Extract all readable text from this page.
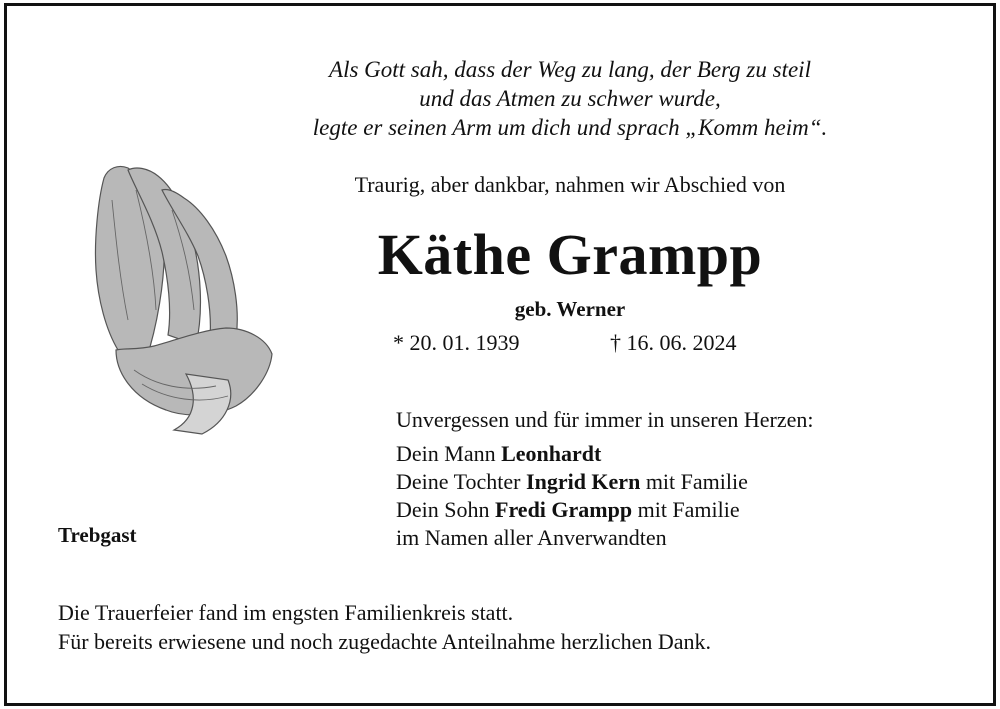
Als Gott sah, dass der Weg zu lang, der Berg zu steil
und das Atmen zu schwer wurde,
legte er seinen Arm um dich und sprach „Komm heim“.
Traurig, aber dankbar, nahmen wir Abschied von
Käthe Grampp
geb. Werner
* 20. 01. 1939	† 16. 06. 2024
Unvergessen und für immer in unseren Herzen:
Dein Mann Leonhardt
Deine Tochter Ingrid Kern mit Familie
Dein Sohn Fredi Grampp mit Familie
im Namen aller Anverwandten
Trebgast
Die Trauerfeier fand im engsten Familienkreis statt.
Für bereits erwiesene und noch zugedachte Anteilnahme herzlichen Dank.
